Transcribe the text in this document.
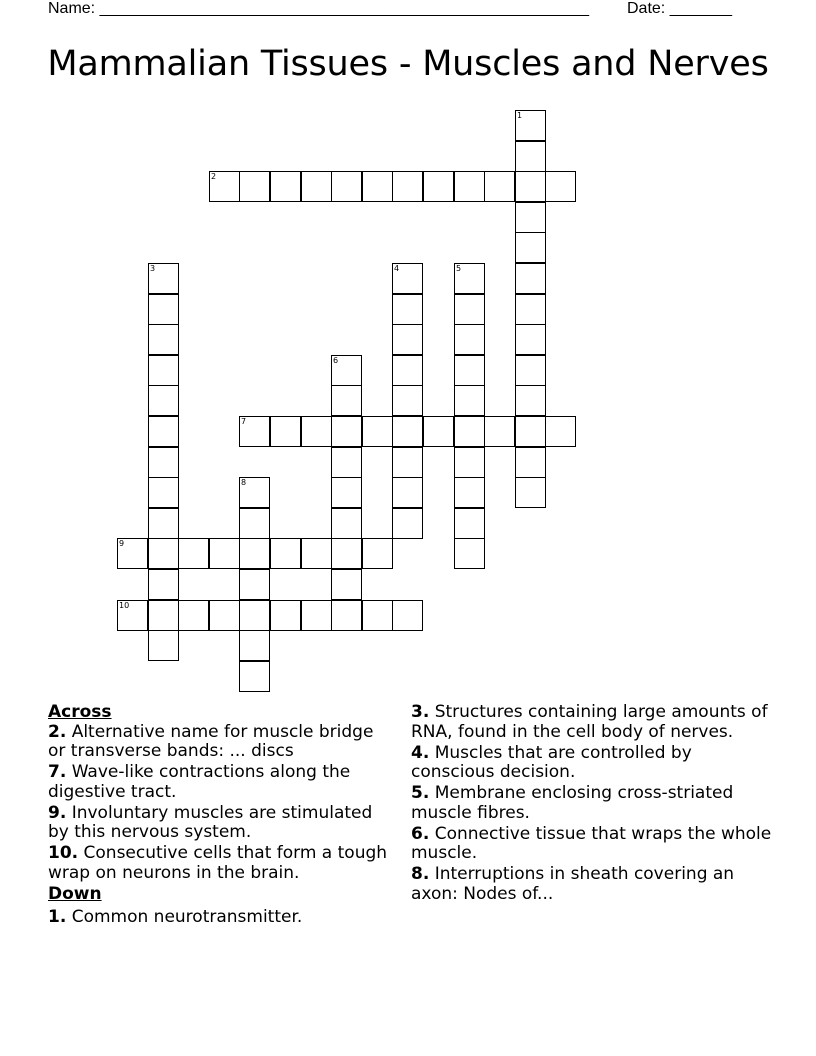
Name: _______________________________________________________ Date: _______
Mammalian Tissues - Muscles and Nerves
1
2
3	4	5
6
7
8
9
10
Across
2. Alternative name for muscle bridge or transverse bands: ... discs
7. Wave-like contractions along the digestive tract.
9. Involuntary muscles are stimulated by this nervous system.
10. Consecutive cells that form a tough wrap on neurons in the brain.
Down
1. Common neurotransmitter.
3. Structures containing large amounts of RNA, found in the cell body of nerves.
4. Muscles that are controlled by conscious decision.
5. Membrane enclosing cross-striated muscle fibres.
6. Connective tissue that wraps the whole muscle.
8. Interruptions in sheath covering an axon: Nodes of...
